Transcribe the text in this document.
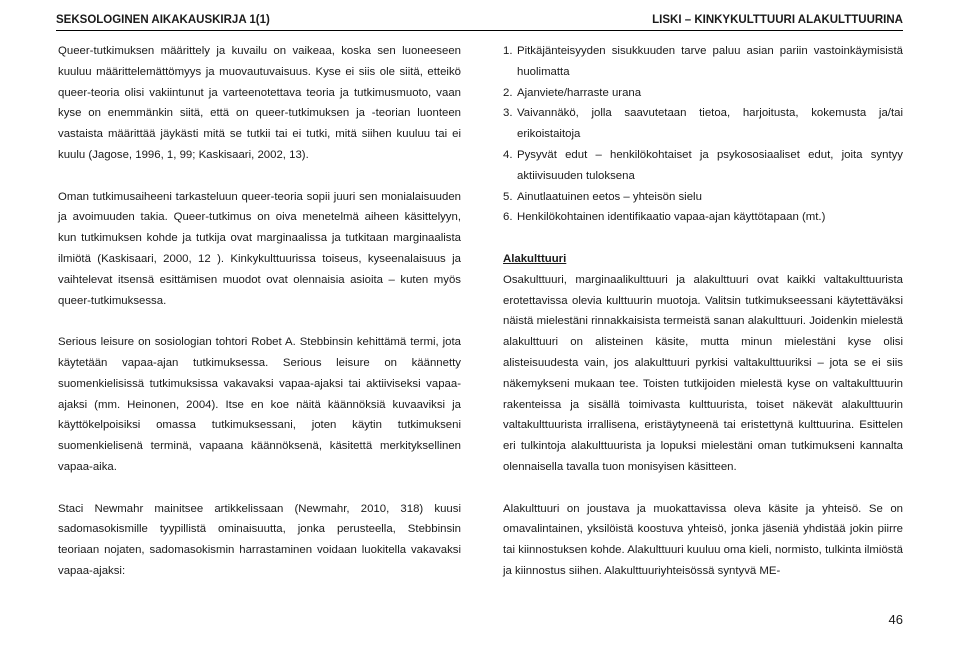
SEKSOLOGINEN AIKAKAUSKIRJA 1(1)	LISKI – KINKYKULTTUURI ALAKULTTUURINA

Queer-tutkimuksen määrittely ja kuvailu on vaikeaa, koska sen luoneeseen kuuluu määrittelemättömyys ja muovautuvaisuus. Kyse ei siis ole siitä, etteikö queer-teoria olisi vakiintunut ja varteenotettava teoria ja tutkimusmuoto, vaan kyse on enemmänkin siitä, että on queer-tutkimuksen ja -teorian luonteen vastaista määrittää jäykästi mitä se tutkii tai ei tutki, mitä siihen kuuluu tai ei kuulu (Jagose, 1996, 1, 99; Kaskisaari, 2002, 13).

Oman tutkimusaiheeni tarkasteluun queer-teoria sopii juuri sen monialaisuuden ja avoimuuden takia. Queer-tutkimus on oiva menetelmä aiheen käsittelyyn, kun tutkimuksen kohde ja tutkija ovat marginaalissa ja tutkitaan marginaalista ilmiötä (Kaskisaari, 2000, 12 ). Kinkykulttuurissa toiseus, kyseenalaisuus ja vaihtelevat itsensä esittämisen muodot ovat olennaisia asioita – kuten myös queer-tutkimuksessa.

Serious leisure on sosiologian tohtori Robet A. Stebbinsin kehittämä termi, jota käytetään vapaa-ajan tutkimuksessa. Serious leisure on käännetty suomenkielisissä tutkimuksissa vakavaksi vapaa-ajaksi tai aktiiviseksi vapaa-ajaksi (mm. Heinonen, 2004). Itse en koe näitä käännöksiä kuvaaviksi ja käyttökelpoisiksi omassa tutkimuksessani, joten käytin tutkimukseni suomenkielisenä terminä, vapaana käännöksenä, käsitettä merkityksellinen vapaa-aika.

Staci Newmahr mainitsee artikkelissaan (Newmahr, 2010, 318) kuusi sadomasokismille tyypillistä ominaisuutta, jonka perusteella, Stebbinsin teoriaan nojaten, sadomasokismin harrastaminen voidaan luokitella vakavaksi vapaa-ajaksi:

1. Pitkäjänteisyyden sisukkuuden tarve paluu asian pariin vastoinkäymisistä huolimatta
2. Ajanviete/harraste urana
3. Vaivannäkö, jolla saavutetaan tietoa, harjoitusta, kokemusta ja/tai erikoistaitoja
4. Pysyvät edut – henkilökohtaiset ja psykososiaaliset edut, joita syntyy aktiivisuuden tuloksena
5. Ainutlaatuinen eetos – yhteisön sielu
6. Henkilökohtainen identifikaatio vapaa-ajan käyttötapaan (mt.)
Alakulttuuri

Osakulttuuri, marginaalikulttuuri ja alakulttuuri ovat kaikki valtakulttuurista erotettavissa olevia kulttuurin muotoja. Valitsin tutkimukseessani käytettäväksi näistä mielestäni rinnakkaisista termeistä sanan alakulttuuri. Joidenkin mielestä alakulttuuri on alisteinen käsite, mutta minun mielestäni kyse olisi alisteisuudesta vain, jos alakulttuuri pyrkisi valtakulttuuriksi – jota se ei siis näkemykseni mukaan tee. Toisten tutkijoiden mielestä kyse on valtakulttuurin rakenteissa ja sisällä toimivasta kulttuurista, toiset näkevät alakulttuurin valtakulttuurista irrallisena, eristäytyneenä tai eristettynä kulttuurina. Esittelen eri tulkintoja alakulttuurista ja lopuksi mielestäni oman tutkimukseni kannalta olennaisella tavalla tuon monisyisen käsitteen.

Alakulttuuri on joustava ja muokattavissa oleva käsite ja yhteisö. Se on omavalintainen, yksilöistä koostuva yhteisö, jonka jäseniä yhdistää jokin piirre tai kiinnostuksen kohde. Alakulttuuri kuuluu oma kieli, normisto, tulkinta ilmiöstä ja kiinnostus siihen. Alakulttuuriyhteisössä syntyvä ME-

46
